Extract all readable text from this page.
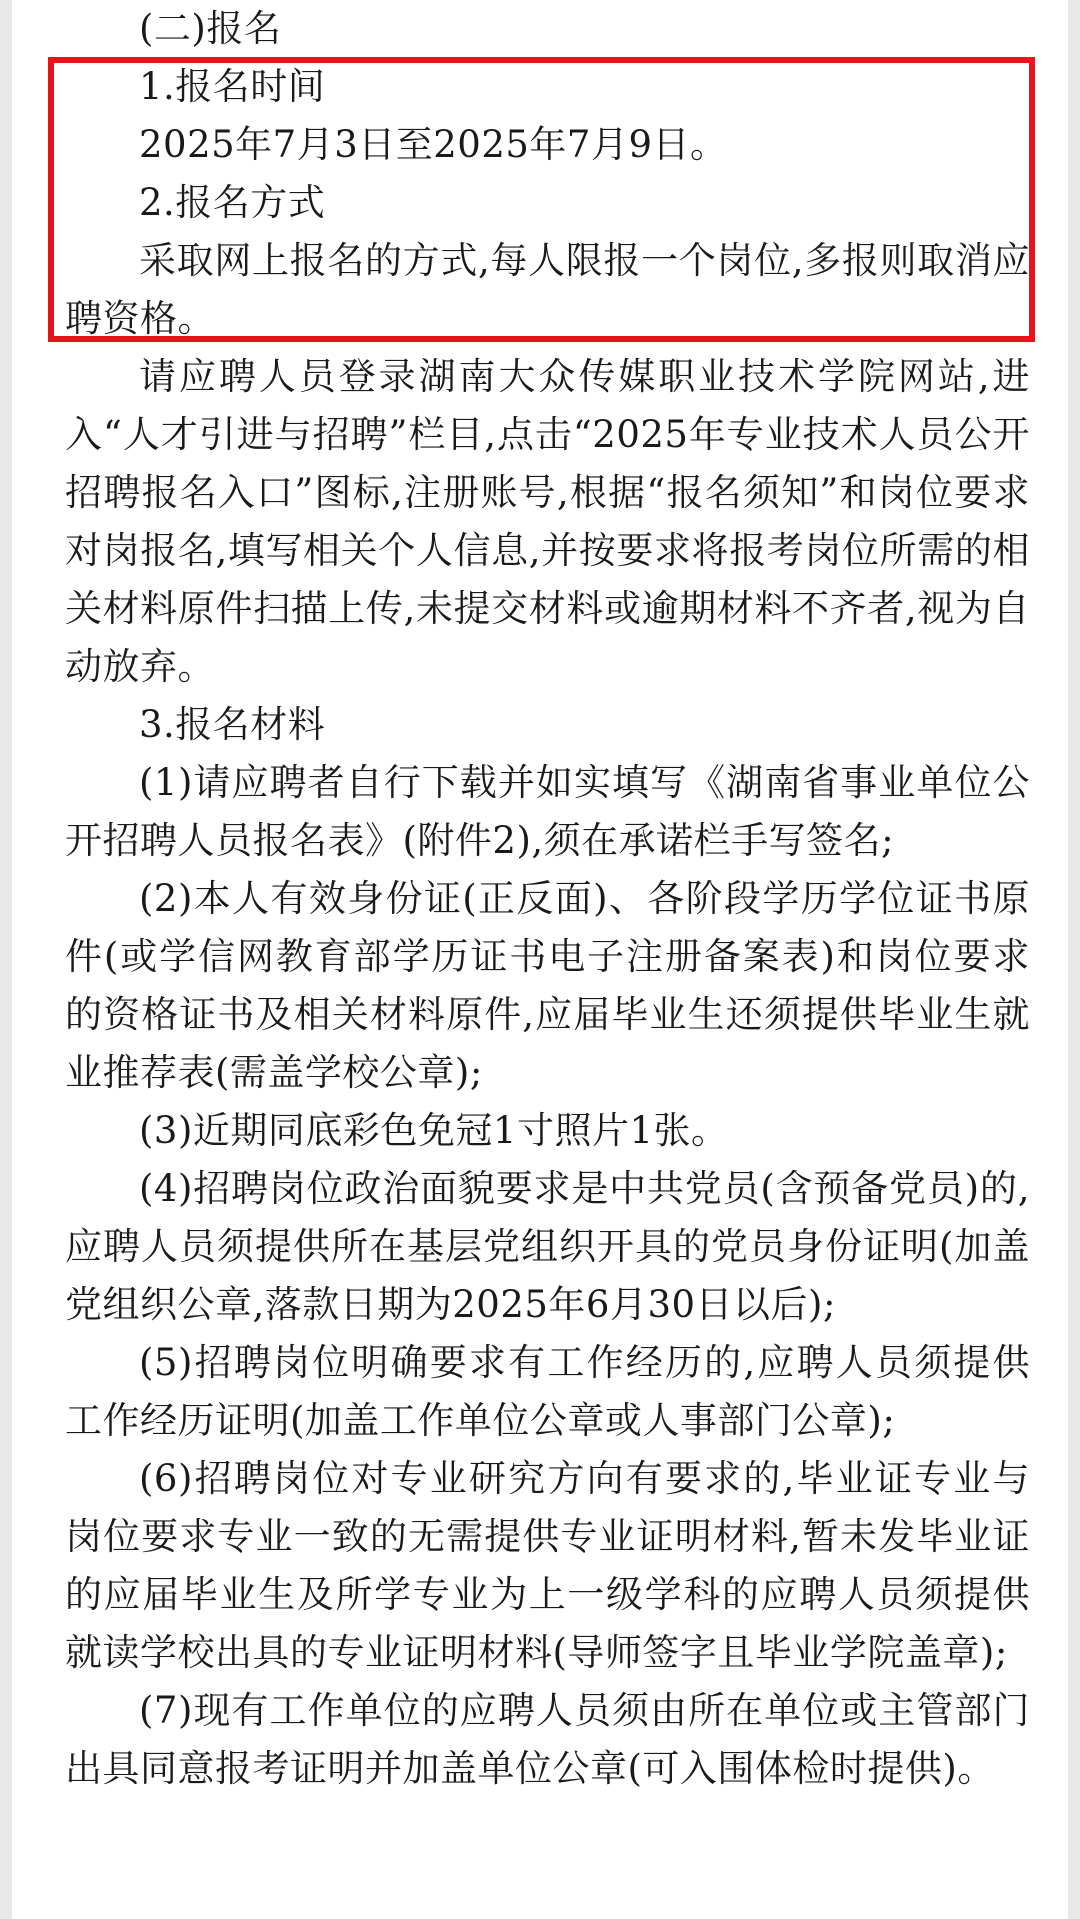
(二)报名

1.报名时间

2025年7月3日至2025年7月9日。

2.报名方式

采取网上报名的方式,每人限报一个岗位,多报则取消应聘资格。

请应聘人员登录湖南大众传媒职业技术学院网站,进入“人才引进与招聘”栏目,点击“2025年专业技术人员公开招聘报名入口”图标,注册账号,根据“报名须知”和岗位要求对岗报名,填写相关个人信息,并按要求将报考岗位所需的相关材料原件扫描上传,未提交材料或逾期材料不齐者,视为自动放弃。

3.报名材料

(1)请应聘者自行下载并如实填写《湖南省事业单位公开招聘人员报名表》(附件2),须在承诺栏手写签名;

(2)本人有效身份证(正反面)、各阶段学历学位证书原件(或学信网教育部学历证书电子注册备案表)和岗位要求的资格证书及相关材料原件,应届毕业生还须提供毕业生就业推荐表(需盖学校公章);

(3)近期同底彩色免冠1寸照片1张。

(4)招聘岗位政治面貌要求是中共党员(含预备党员)的,应聘人员须提供所在基层党组织开具的党员身份证明(加盖党组织公章,落款日期为2025年6月30日以后);

(5)招聘岗位明确要求有工作经历的,应聘人员须提供工作经历证明(加盖工作单位公章或人事部门公章);

(6)招聘岗位对专业研究方向有要求的,毕业证专业与岗位要求专业一致的无需提供专业证明材料,暂未发毕业证的应届毕业生及所学专业为上一级学科的应聘人员须提供就读学校出具的专业证明材料(导师签字且毕业学院盖章);

(7)现有工作单位的应聘人员须由所在单位或主管部门出具同意报考证明并加盖单位公章(可入围体检时提供)。
